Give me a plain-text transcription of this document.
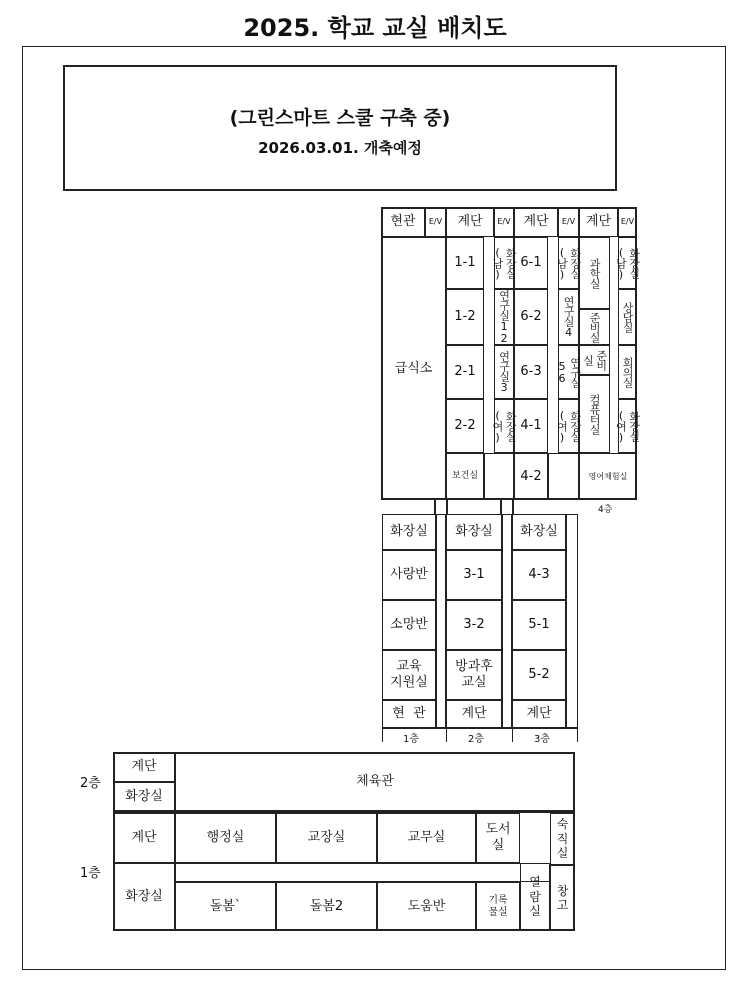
2025. 학교 교실 배치도
(그린스마트 스쿨 구축 중)
2026.03.01. 개축예정
현관	E/V	계단	E/V 계단	E/V 계단	E/V
급식소
1-1
1-2
2-1
2-2
보건실
화장실(남)
연구실12
연구실3
화장실(여)
6-1
6-2
6-3
4-1
4-2
화장실(남)
연구실4
연구실56
화장실(여)
과학실
준비실
준비실
컴퓨터실
영어체험실
화장실(남)
상담실
회의실
화장실(여)
4층
화장실
사랑반
소망반
교육
지원실
현  관
화장실
3-1
3-2
방과후
교실
계단
화장실
4-3
5-1
5-2
계단
1층	2층	3층
2층
1층
계단
화장실
체육관
계단	행정실	교장실	교무실
도서
실
숙
직
실
화장실
돌봄`	돌봄2	도움반	기록
물실
열
람
실
창
고
